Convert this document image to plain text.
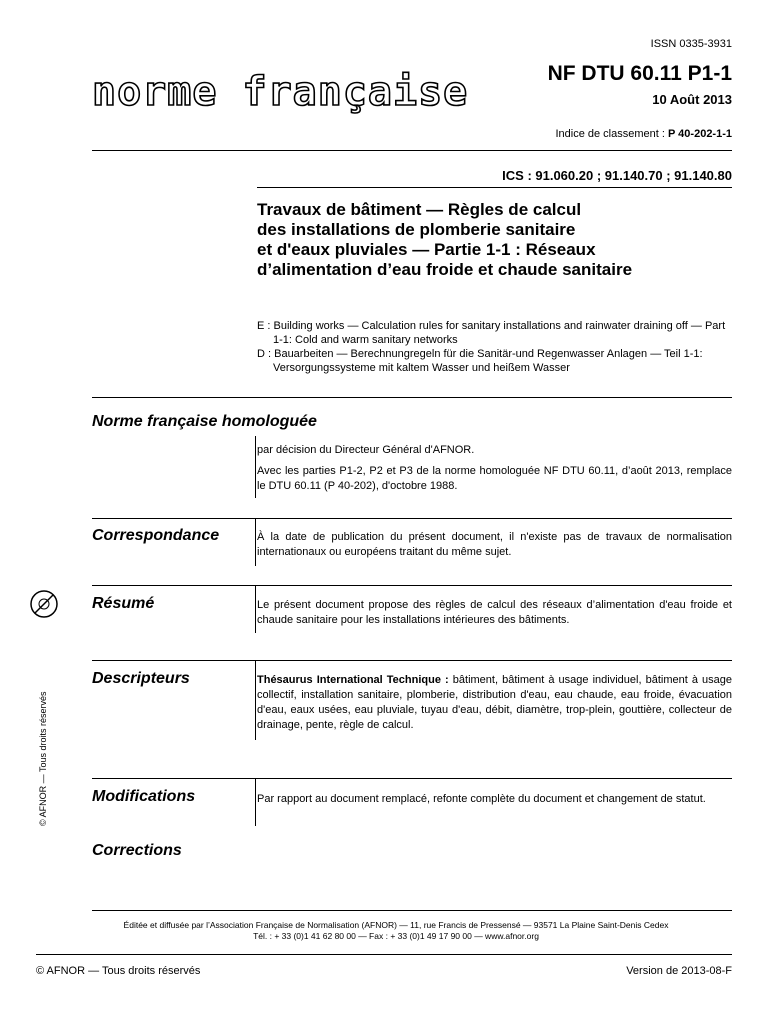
ISSN 0335-3931
norme française	NF DTU 60.11 P1-1
10 Août 2013
Indice de classement : P 40-202-1-1
ICS : 91.060.20 ; 91.140.70 ; 91.140.80
Travaux de bâtiment — Règles de calcul
des installations de plomberie sanitaire
et d'eaux pluviales — Partie 1-1 : Réseaux
d’alimentation d’eau froide et chaude sanitaire

E : Building works — Calculation rules for sanitary installations and rainwater draining off — Part 1-1: Cold and warm sanitary networks

D : Bauarbeiten — Berechnungregeln für die Sanitär-und Regenwasser Anlagen — Teil 1-1: Versorgungssysteme mit kaltem Wasser und heißem Wasser

Norme française homologuée

par décision du Directeur Général d'AFNOR.

Avec les parties P1-2, P2 et P3 de la norme homologuée NF DTU 60.11, d’août 2013, remplace le DTU 60.11 (P 40-202), d'octobre 1988.

Correspondance	À la date de publication du présent document, il n'existe pas de travaux de normalisation internationaux ou européens traitant du même sujet.

Résumé	Le présent document propose des règles de calcul des réseaux d’alimentation d'eau froide et chaude sanitaire pour les installations intérieures des bâtiments.

Descripteurs	Thésaurus International Technique : bâtiment, bâtiment à usage individuel, bâtiment à usage collectif, installation sanitaire, plomberie, distribution d'eau, eau chaude, eau froide, évacuation d'eau, eaux usées, eau pluviale, tuyau d'eau, débit, diamètre, trop-plein, gouttière, collecteur de drainage, pente, règle de calcul.

Modifications	Par rapport au document remplacé, refonte complète du document et changement de statut.

Corrections
Éditée et diffusée par l’Association Française de Normalisation (AFNOR) — 11, rue Francis de Pressensé — 93571 La Plaine Saint-Denis Cedex
Tél. : + 33 (0)1 41 62 80 00 — Fax : + 33 (0)1 49 17 90 00 — www.afnor.org
© AFNOR — Tous droits réservés	Version de 2013-08-F
© AFNOR — Tous droits réservés
